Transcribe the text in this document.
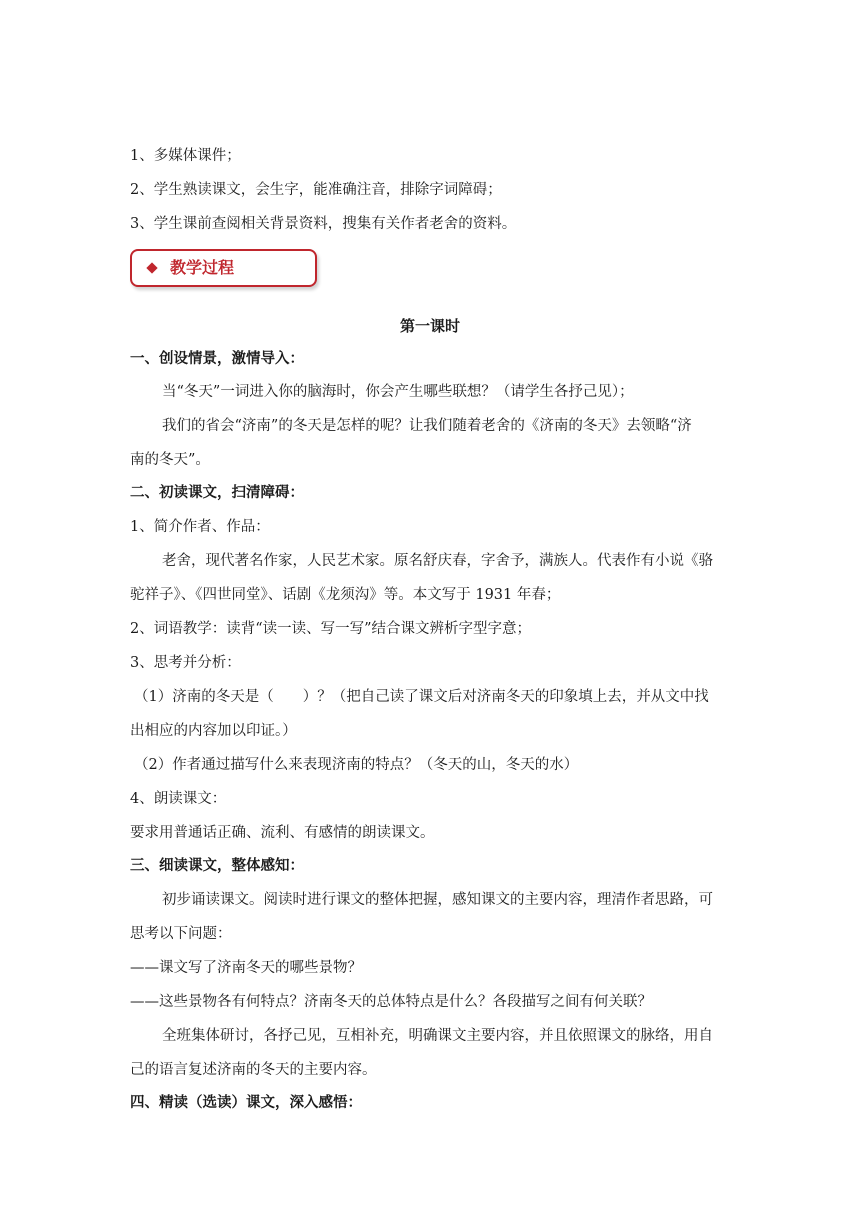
1、多媒体课件；
2、学生熟读课文，会生字，能准确注音，排除字词障碍；
3、学生课前查阅相关背景资料，搜集有关作者老舍的资料。
教学过程
第一课时
一、创设情景，激情导入：
当“冬天”一词进入你的脑海时，你会产生哪些联想？（请学生各抒己见）；
我们的省会“济南”的冬天是怎样的呢？让我们随着老舍的《济南的冬天》去领略“济
南的冬天”。
二、初读课文，扫清障碍：
1、简介作者、作品：
老舍，现代著名作家，人民艺术家。原名舒庆春，字舍予，满族人。代表作有小说《骆
驼祥子》、《四世同堂》、话剧《龙须沟》等。本文写于 1931 年春；
2、词语教学：读背“读一读、写一写”结合课文辨析字型字意；
3、思考并分析：
（1）济南的冬天是（　　）？（把自己读了课文后对济南冬天的印象填上去，并从文中找
出相应的内容加以印证。）
（2）作者通过描写什么来表现济南的特点？（冬天的山，冬天的水）
4、朗读课文：
要求用普通话正确、流利、有感情的朗读课文。
三、细读课文，整体感知：
初步诵读课文。阅读时进行课文的整体把握，感知课文的主要内容，理清作者思路，可
思考以下问题：
——课文写了济南冬天的哪些景物？
——这些景物各有何特点？济南冬天的总体特点是什么？各段描写之间有何关联？
全班集体研讨，各抒己见，互相补充，明确课文主要内容，并且依照课文的脉络，用自
己的语言复述济南的冬天的主要内容。
四、精读（选读）课文，深入感悟：
